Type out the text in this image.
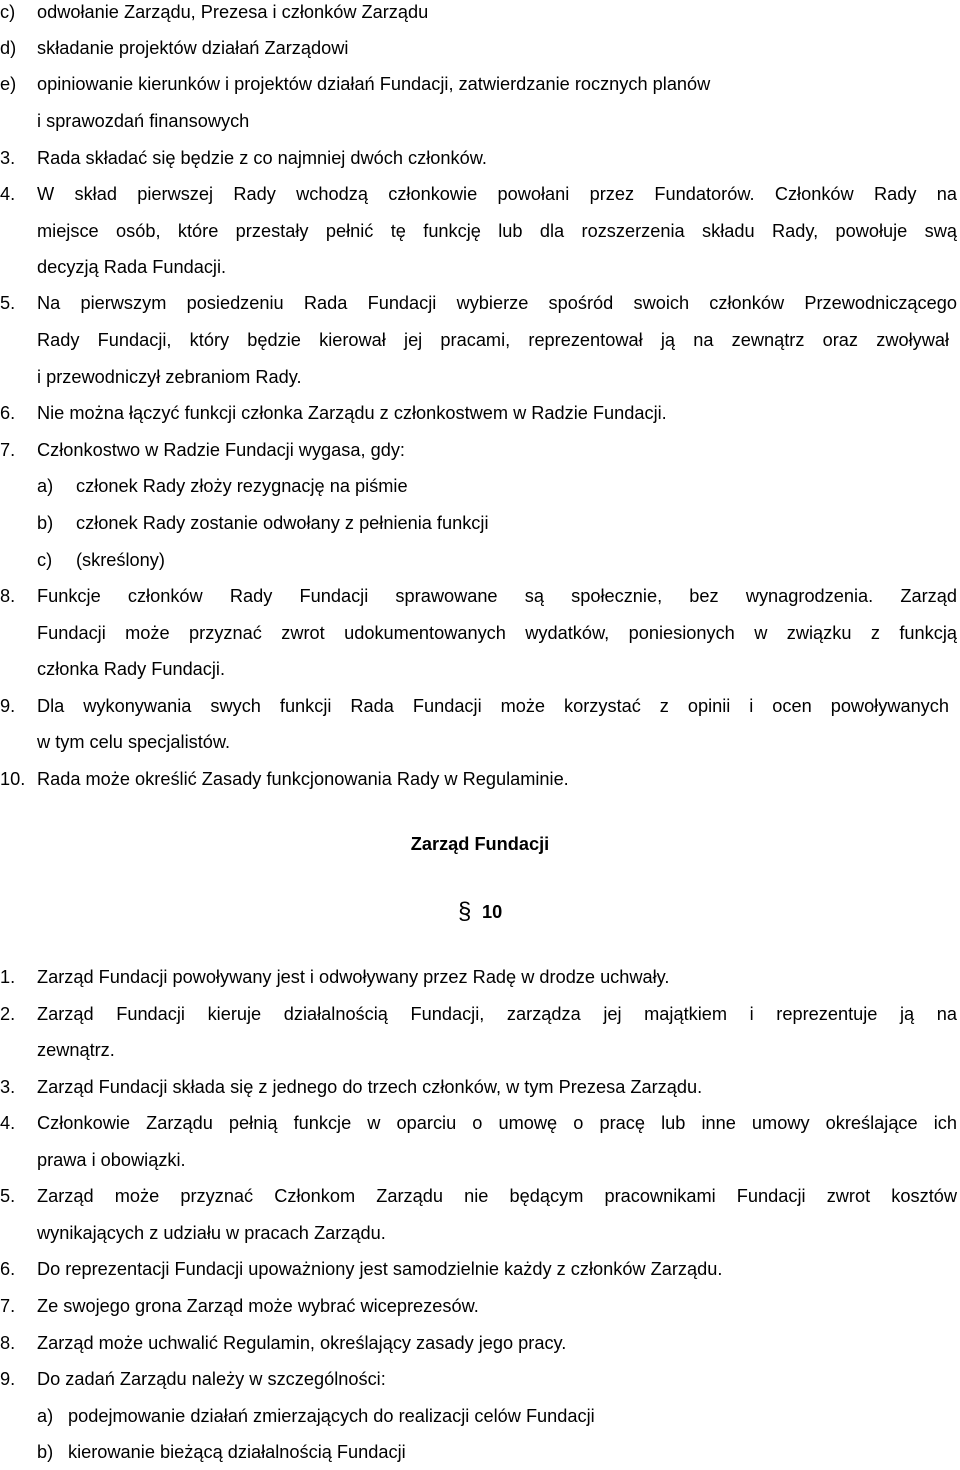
c) odwołanie Zarządu, Prezesa i członków Zarządu
d) składanie projektów działań Zarządowi
e) opiniowanie kierunków i projektów działań Fundacji, zatwierdzanie rocznych planów
i sprawozdań finansowych
3. Rada składać się będzie z co najmniej dwóch członków.
4. W skład pierwszej Rady wchodzą członkowie powołani przez Fundatorów. Członków Rady na
miejsce osób, które przestały pełnić tę funkcję lub dla rozszerzenia składu Rady, powołuje swą
decyzją Rada Fundacji.
5. Na pierwszym posiedzeniu Rada Fundacji wybierze spośród swoich członków Przewodniczącego
Rady Fundacji, który będzie kierował jej pracami, reprezentował ją na zewnątrz oraz zwoływał
i przewodniczył zebraniom Rady.
6. Nie można łączyć funkcji członka Zarządu z członkostwem w Radzie Fundacji.
7. Członkostwo w Radzie Fundacji wygasa, gdy:
a) członek Rady złoży rezygnację na piśmie
b) członek Rady zostanie odwołany z pełnienia funkcji
c) (skreślony)
8. Funkcje członków Rady Fundacji sprawowane są społecznie, bez wynagrodzenia. Zarząd
Fundacji może przyznać zwrot udokumentowanych wydatków, poniesionych w związku z funkcją
członka Rady Fundacji.
9. Dla wykonywania swych funkcji Rada Fundacji może korzystać z opinii i ocen powoływanych
w tym celu specjalistów.
10. Rada może określić Zasady funkcjonowania Rady w Regulaminie.
Zarząd Fundacji
§ 10
1. Zarząd Fundacji powoływany jest i odwoływany przez Radę w drodze uchwały.
2. Zarząd Fundacji kieruje działalnością Fundacji, zarządza jej majątkiem i reprezentuje ją na
zewnątrz.
3. Zarząd Fundacji składa się z jednego do trzech członków, w tym Prezesa Zarządu.
4. Członkowie Zarządu pełnią funkcje w oparciu o umowę o pracę lub inne umowy określające ich
prawa i obowiązki.
5. Zarząd może przyznać Członkom Zarządu nie będącym pracownikami Fundacji zwrot kosztów
wynikających z udziału w pracach Zarządu.
6. Do reprezentacji Fundacji upoważniony jest samodzielnie każdy z członków Zarządu.
7. Ze swojego grona Zarząd może wybrać wiceprezesów.
8. Zarząd może uchwalić Regulamin, określający zasady jego pracy.
9. Do zadań Zarządu należy w szczególności:
a) podejmowanie działań zmierzających do realizacji celów Fundacji
b) kierowanie bieżącą działalnością Fundacji
